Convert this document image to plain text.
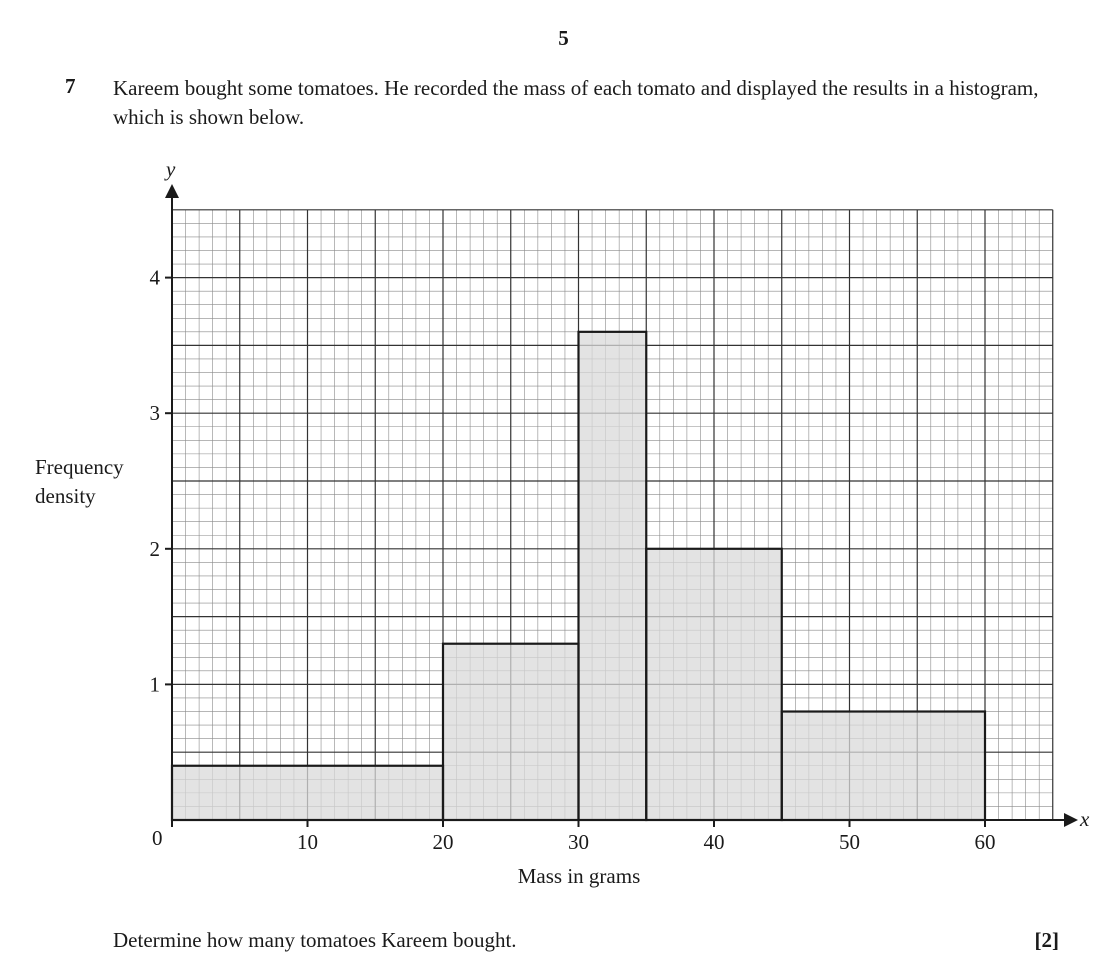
5
7 Kareem bought some tomatoes. He recorded the mass of each tomato and displayed the results in a histogram, which is shown below.
Frequency density
x
y
0	10	20	30	40	50	60
1
2
3
4
Mass in grams
Determine how many tomatoes Kareem bought.	[2]
